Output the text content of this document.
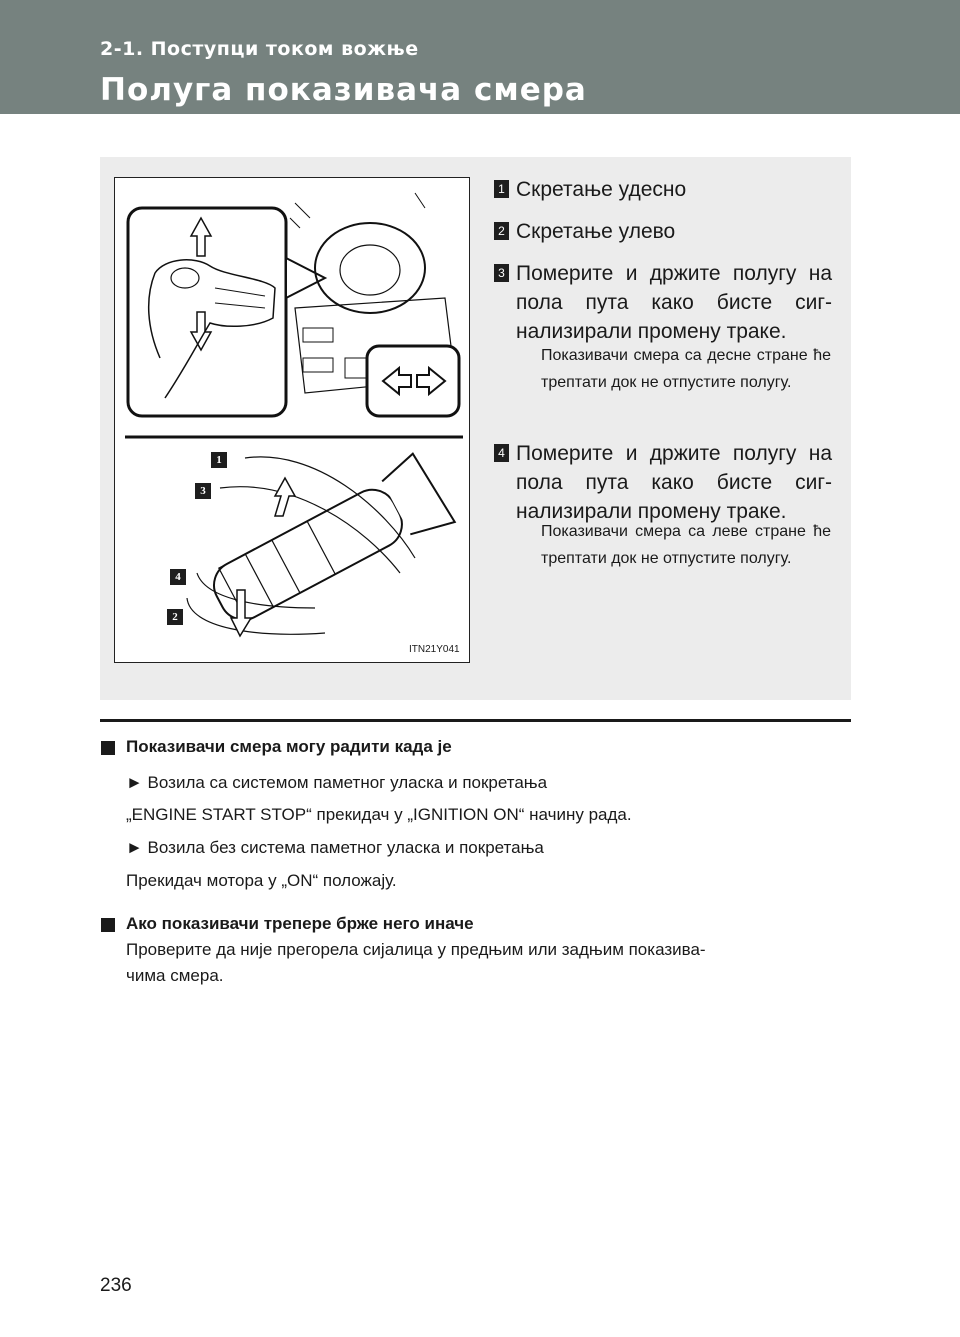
2-1. Поступци током вожње
Полуга показивача смера
1
3
4
2
ITN21Y041
1 Скретање удесно
2 Скретање улево
3 Померите и држите полугу на пола пута како бисте сиг-нализирали промену траке.
Показивачи смера са десне стране ће трептати док не отпустите полугу.
4 Померите и држите полугу на пола пута како бисте сиг-нализирали промену траке.
Показивачи смера са леве стране ће трептати док не отпустите полугу.
Показивачи смера могу радити када је
► Возила са системом паметног уласка и покретања
„ENGINE START STOP“ прекидач у „IGNITION ON“ начину рада.
► Возила без система паметног уласка и покретања
Прекидач мотора у „ON“ положају.
Ако показивачи трепере брже него иначе
Проверите да није прегорела сијалица у предњим или задњим показива-
чима смера.
236
